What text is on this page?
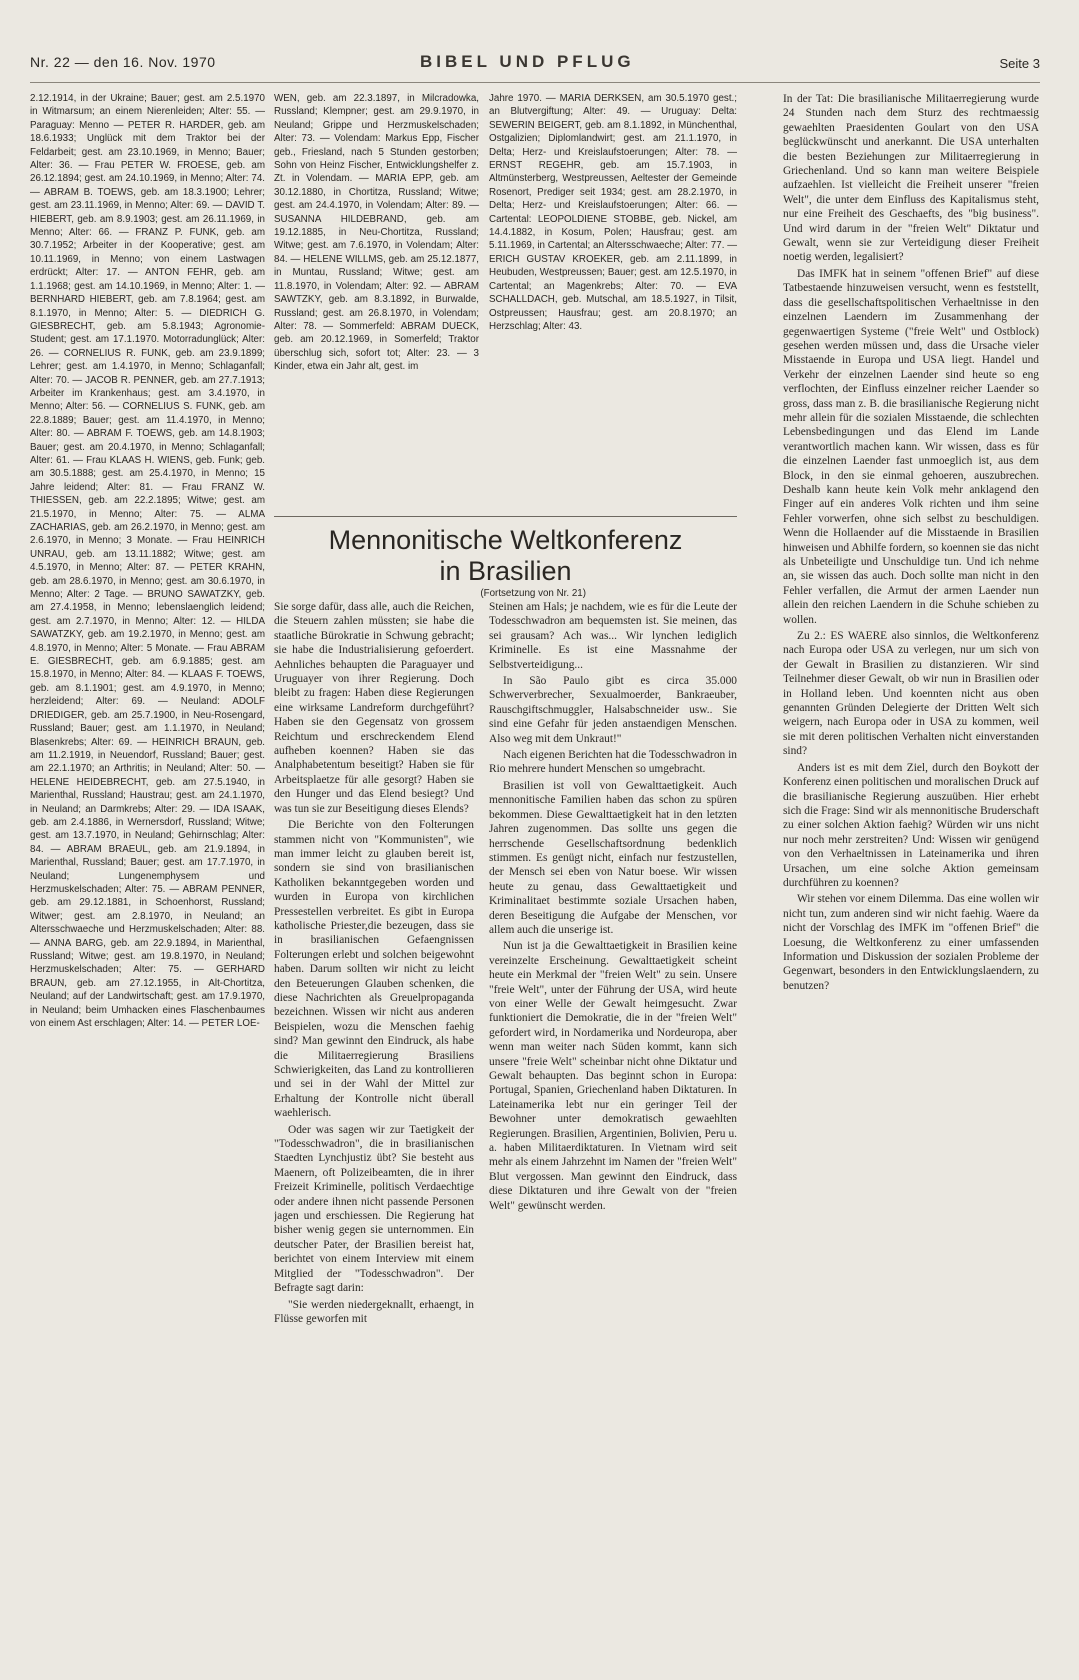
Nr. 22 — den 16. Nov. 1970	BIBEL UND PFLUG	Seite 3

2.12.1914, in der Ukraine; Bauer; gest. am 2.5.1970 in Witmarsum; an einem Nierenleiden; Alter: 55. — Paraguay: Menno — PETER R. HARDER, geb. am 18.6.1933; Unglück mit dem Traktor bei der Feldarbeit; gest. am 23.10.1969, in Menno; Bauer; Alter: 36. — Frau PETER W. FROESE, geb. am 26.12.1894; gest. am 24.10.1969, in Menno; Alter: 74. — ABRAM B. TOEWS, geb. am 18.3.1900; Lehrer; gest. am 23.11.1969, in Menno; Alter: 69. — DAVID T. HIEBERT, geb. am 8.9.1903; gest. am 26.11.1969, in Menno; Alter: 66. — FRANZ P. FUNK, geb. am 30.7.1952; Arbeiter in der Kooperative; gest. am 10.11.1969, in Menno; von einem Lastwagen erdrückt; Alter: 17. — ANTON FEHR, geb. am 1.1.1968; gest. am 14.10.1969, in Menno; Alter: 1. — BERNHARD HIEBERT, geb. am 7.8.1964; gest. am 8.1.1970, in Menno; Alter: 5. — DIEDRICH G. GIESBRECHT, geb. am 5.8.1943; Agronomie-Student; gest. am 17.1.1970. Motorradunglück; Alter: 26. — CORNELIUS R. FUNK, geb. am 23.9.1899; Lehrer; gest. am 1.4.1970, in Menno; Schlaganfall; Alter: 70. — JACOB R. PENNER, geb. am 27.7.1913; Arbeiter im Krankenhaus; gest. am 3.4.1970, in Menno; Alter: 56. — CORNELIUS S. FUNK, geb. am 22.8.1889; Bauer; gest. am 11.4.1970, in Menno; Alter: 80. — ABRAM F. TOEWS, geb. am 14.8.1903; Bauer; gest. am 20.4.1970, in Menno; Schlaganfall; Alter: 61. — Frau KLAAS H. WIENS, geb. Funk; geb. am 30.5.1888; gest. am 25.4.1970, in Menno; 15 Jahre leidend; Alter: 81. — Frau FRANZ W. THIESSEN, geb. am 22.2.1895; Witwe; gest. am 21.5.1970, in Menno; Alter: 75. — ALMA ZACHARIAS, geb. am 26.2.1970, in Menno; gest. am 2.6.1970, in Menno; 3 Monate. — Frau HEINRICH UNRAU, geb. am 13.11.1882; Witwe; gest. am 4.5.1970, in Menno; Alter: 87. — PETER KRAHN, geb. am 28.6.1970, in Menno; gest. am 30.6.1970, in Menno; Alter: 2 Tage. — BRUNO SAWATZKY, geb. am 27.4.1958, in Menno; lebenslaenglich leidend; gest. am 2.7.1970, in Menno; Alter: 12. — HILDA SAWATZKY, geb. am 19.2.1970, in Menno; gest. am 4.8.1970, in Menno; Alter: 5 Monate. — Frau ABRAM E. GIESBRECHT, geb. am 6.9.1885; gest. am 15.8.1970, in Menno; Alter: 84. — KLAAS F. TOEWS, geb. am 8.1.1901; gest. am 4.9.1970, in Menno; herzleidend; Alter: 69. — Neuland: ADOLF DRIEDIGER, geb. am 25.7.1900, in Neu-Rosengard, Russland; Bauer; gest. am 1.1.1970, in Neuland; Blasenkrebs; Alter: 69. — HEINRICH BRAUN, geb. am 11.2.1919, in Neuendorf, Russland; Bauer; gest. am 22.1.1970; an Arthritis; in Neuland; Alter: 50. — HELENE HEIDEBRECHT, geb. am 27.5.1940, in Marienthal, Russland; Haustrau; gest. am 24.1.1970, in Neuland; an Darmkrebs; Alter: 29. — IDA ISAAK, geb. am 2.4.1886, in Wernersdorf, Russland; Witwe; gest. am 13.7.1970, in Neuland; Gehirnschlag; Alter: 84. — ABRAM BRAEUL, geb. am 21.9.1894, in Marienthal, Russland; Bauer; gest. am 17.7.1970, in Neuland; Lungenemphysem und Herzmuskelschaden; Alter: 75. — ABRAM PENNER, geb. am 29.12.1881, in Schoenhorst, Russland; Witwer; gest. am 2.8.1970, in Neuland; an Altersschwaeche und Herzmuskelschaden; Alter: 88. — ANNA BARG, geb. am 22.9.1894, in Marienthal, Russland; Witwe; gest. am 19.8.1970, in Neuland; Herzmuskelschaden; Alter: 75. — GERHARD BRAUN, geb. am 27.12.1955, in Alt-Chortitza, Neuland; auf der Landwirtschaft; gest. am 17.9.1970, in Neuland; beim Umhacken eines Flaschenbaumes von einem Ast erschlagen; Alter: 14. — PETER LOE-

WEN, geb. am 22.3.1897, in Milcradowka, Russland; Klempner; gest. am 29.9.1970, in Neuland; Grippe und Herzmuskelschaden; Alter: 73. — Volendam: Markus Epp, Fischer geb., Friesland, nach 5 Stunden gestorben; Sohn von Heinz Fischer, Entwicklungshelfer z. Zt. in Volendam. — MARIA EPP, geb. am 30.12.1880, in Chortitza, Russland; Witwe; gest. am 24.4.1970, in Volendam; Alter: 89. — SUSANNA HILDEBRAND, geb. am 19.12.1885, in Neu-Chortitza, Russland; Witwe; gest. am 7.6.1970, in Volendam; Alter: 84. — HELENE WILLMS, geb. am 25.12.1877, in Muntau, Russland; Witwe; gest. am 11.8.1970, in Volendam; Alter: 92. — ABRAM SAWTZKY, geb. am 8.3.1892, in Burwalde, Russland; gest. am 26.8.1970, in Volendam; Alter: 78. — Sommerfeld: ABRAM DUECK, geb. am 20.12.1969, in Somerfeld; Traktor überschlug sich, sofort tot; Alter: 23. — 3 Kinder, etwa ein Jahr alt, gest. im

Jahre 1970. — MARIA DERKSEN, am 30.5.1970 gest.; an Blutvergiftung; Alter: 49. — Uruguay: Delta: SEWERIN BEIGERT, geb. am 8.1.1892, in Münchenthal, Ostgalizien; Diplomlandwirt; gest. am 21.1.1970, in Delta; Herz- und Kreislaufstoerungen; Alter: 78. — ERNST REGEHR, geb. am 15.7.1903, in Altmünsterberg, Westpreussen, Aeltester der Gemeinde Rosenort, Prediger seit 1934; gest. am 28.2.1970, in Delta; Herz- und Kreislaufstoerungen; Alter: 66. — Cartental: LEOPOLDIENE STOBBE, geb. Nickel, am 14.4.1882, in Kosum, Polen; Hausfrau; gest. am 5.11.1969, in Cartental; an Altersschwaeche; Alter: 77. — ERICH GUSTAV KROEKER, geb. am 2.11.1899, in Heubuden, Westpreussen; Bauer; gest. am 12.5.1970, in Cartental; an Magenkrebs; Alter: 70. — EVA SCHALLDACH, geb. Mutschal, am 18.5.1927, in Tilsit, Ostpreussen; Hausfrau; gest. am 20.8.1970; an Herzschlag; Alter: 43.

Mennonitische Weltkonferenz
in Brasilien
(Fortsetzung von Nr. 21)

Sie sorge dafür, dass alle, auch die Reichen, die Steuern zahlen müssten; sie habe die staatliche Bürokratie in Schwung gebracht; sie habe die Industrialisierung gefoerdert. Aehnliches behaupten die Paraguayer und Uruguayer von ihrer Regierung. Doch bleibt zu fragen: Haben diese Regierungen eine wirksame Landreform durchgeführt? Haben sie den Gegensatz von grossem Reichtum und erschreckendem Elend aufheben koennen? Haben sie das Analphabetentum beseitigt? Haben sie für Arbeitsplaetze für alle gesorgt? Haben sie den Hunger und das Elend besiegt? Und was tun sie zur Beseitigung dieses Elends?

Die Berichte von den Folterungen stammen nicht von "Kommunisten", wie man immer leicht zu glauben bereit ist, sondern sie sind von brasilianischen Katholiken bekanntgegeben worden und wurden in Europa von kirchlichen Pressestellen verbreitet. Es gibt in Europa katholische Priester,die bezeugen, dass sie in brasilianischen Gefaengnissen Folterungen erlebt und solchen beigewohnt haben. Darum sollten wir nicht zu leicht den Beteuerungen Glauben schenken, die diese Nachrichten als Greuelpropaganda bezeichnen. Wissen wir nicht aus anderen Beispielen, wozu die Menschen faehig sind? Man gewinnt den Eindruck, als habe die Militaerregierung Brasiliens Schwierigkeiten, das Land zu kontrollieren und sei in der Wahl der Mittel zur Erhaltung der Kontrolle nicht überall waehlerisch.

Oder was sagen wir zur Taetigkeit der "Todesschwadron", die in brasilianischen Staedten Lynchjustiz übt? Sie besteht aus Maenern, oft Polizeibeamten, die in ihrer Freizeit Kriminelle, politisch Verdaechtige oder andere ihnen nicht passende Personen jagen und erschiessen. Die Regierung hat bisher wenig gegen sie unternommen. Ein deutscher Pater, der Brasilien bereist hat, berichtet von einem Interview mit einem Mitglied der "Todesschwadron". Der Befragte sagt darin:

"Sie werden niedergeknallt, erhaengt, in Flüsse geworfen mit

Steinen am Hals; je nachdem, wie es für die Leute der Todesschwadron am bequemsten ist. Sie meinen, das sei grausam? Ach was... Wir lynchen lediglich Kriminelle. Es ist eine Massnahme der Selbstverteidigung...

In São Paulo gibt es circa 35.000 Schwerverbrecher, Sexualmoerder, Bankraeuber, Rauschgiftschmuggler, Halsabschneider usw.. Sie sind eine Gefahr für jeden anstaendigen Menschen. Also weg mit dem Unkraut!"

Nach eigenen Berichten hat die Todesschwadron in Rio mehrere hundert Menschen so umgebracht.

Brasilien ist voll von Gewalttaetigkeit. Auch mennonitische Familien haben das schon zu spüren bekommen. Diese Gewalttaetigkeit hat in den letzten Jahren zugenommen. Das sollte uns gegen die herrschende Gesellschaftsordnung bedenklich stimmen. Es genügt nicht, einfach nur festzustellen, der Mensch sei eben von Natur boese. Wir wissen heute zu genau, dass Gewalttaetigkeit und Kriminalitaet bestimmte soziale Ursachen haben, deren Beseitigung die Aufgabe der Menschen, vor allem auch die unserige ist.

Nun ist ja die Gewalttaetigkeit in Brasilien keine vereinzelte Erscheinung. Gewalttaetigkeit scheint heute ein Merkmal der "freien Welt" zu sein. Unsere "freie Welt", unter der Führung der USA, wird heute von einer Welle der Gewalt heimgesucht. Zwar funktioniert die Demokratie, die in der "freien Welt" gefordert wird, in Nordamerika und Nordeuropa, aber wenn man weiter nach Süden kommt, kann sich unsere "freie Welt" scheinbar nicht ohne Diktatur und Gewalt behaupten. Das beginnt schon in Europa: Portugal, Spanien, Griechenland haben Diktaturen. In Lateinamerika lebt nur ein geringer Teil der Bewohner unter demokratisch gewaehlten Regierungen. Brasilien, Argentinien, Bolivien, Peru u. a. haben Militaerdiktaturen. In Vietnam wird seit mehr als einem Jahrzehnt im Namen der "freien Welt" Blut vergossen. Man gewinnt den Eindruck, dass diese Diktaturen und ihre Gewalt von der "freien Welt" gewünscht werden.

In der Tat: Die brasilianische Militaerregierung wurde 24 Stunden nach dem Sturz des rechtmaessig gewaehlten Praesidenten Goulart von den USA beglückwünscht und anerkannt. Die USA unterhalten die besten Beziehungen zur Militaerregierung in Griechenland. Und so kann man weitere Beispiele aufzaehlen. Ist vielleicht die Freiheit unserer "freien Welt", die unter dem Einfluss des Kapitalismus steht, nur eine Freiheit des Geschaefts, des "big business". Und wird darum in der "freien Welt" Diktatur und Gewalt, wenn sie zur Verteidigung dieser Freiheit noetig werden, legalisiert?

Das IMFK hat in seinem "offenen Brief" auf diese Tatbestaende hinzuweisen versucht, wenn es feststellt, dass die gesellschaftspolitischen Verhaeltnisse in den einzelnen Laendern im Zusammenhang der gegenwaertigen Systeme ("freie Welt" und Ostblock) gesehen werden müssen und, dass die Ursache vieler Misstaende in Europa und USA liegt. Handel und Verkehr der einzelnen Laender sind heute so eng verflochten, der Einfluss einzelner reicher Laender so gross, dass man z. B. die brasilianische Regierung nicht mehr allein für die sozialen Misstaende, die schlechten Lebensbedingungen und das Elend im Lande verantwortlich machen kann. Wir wissen, dass es für die einzelnen Laender fast unmoeglich ist, aus dem Block, in den sie einmal gehoeren, auszubrechen. Deshalb kann heute kein Volk mehr anklagend den Finger auf ein anderes Volk richten und ihm seine Fehler vorwerfen, ohne sich selbst zu beschuldigen. Wenn die Hollaender auf die Misstaende in Brasilien hinweisen und Abhilfe fordern, so koennen sie das nicht als Unbeteiligte und Unschuldige tun. Und ich nehme an, sie wissen das auch. Doch sollte man nicht in den Fehler verfallen, die Armut der armen Laender nun allein den reichen Laendern in die Schuhe schieben zu wollen.

Zu 2.: ES WAERE also sinnlos, die Weltkonferenz nach Europa oder USA zu verlegen, nur um sich von der Gewalt in Brasilien zu distanzieren. Wir sind Teilnehmer dieser Gewalt, ob wir nun in Brasilien oder in Holland leben. Und koennten nicht aus oben genannten Gründen Delegierte der Dritten Welt sich weigern, nach Europa oder in USA zu kommen, weil sie mit deren politischen Verhalten nicht einverstanden sind?

Anders ist es mit dem Ziel, durch den Boykott der Konferenz einen politischen und moralischen Druck auf die brasilianische Regierung auszuüben. Hier erhebt sich die Frage: Sind wir als mennonitische Bruderschaft zu einer solchen Aktion faehig? Würden wir uns nicht nur noch mehr zerstreiten? Und: Wissen wir genügend von den Verhaeltnissen in Lateinamerika und ihren Ursachen, um eine solche Aktion gemeinsam durchführen zu koennen?

Wir stehen vor einem Dilemma. Das eine wollen wir nicht tun, zum anderen sind wir nicht faehig. Waere da nicht der Vorschlag des IMFK im "offenen Brief" die Loesung, die Weltkonferenz zu einer umfassenden Information und Diskussion der sozialen Probleme der Gegenwart, besonders in den Entwicklungslaendern, zu benutzen?
